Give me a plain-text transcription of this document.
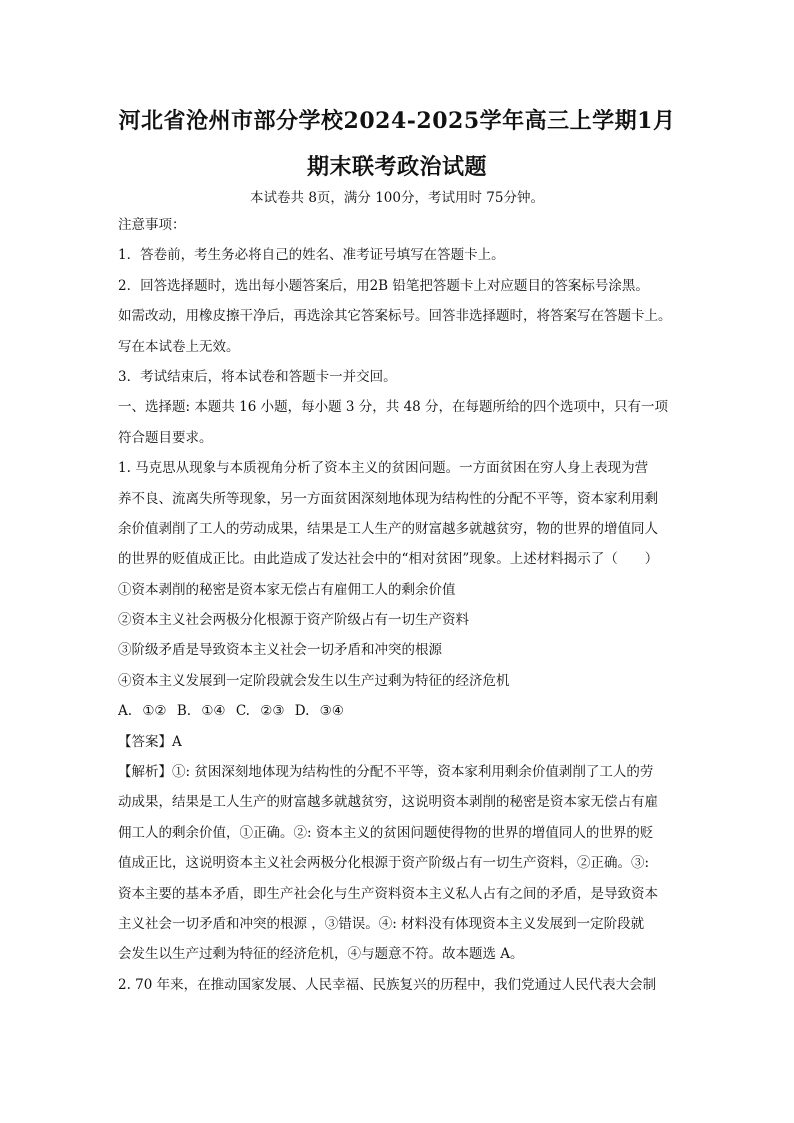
河北省沧州市部分学校2024-2025学年高三上学期1月
期末联考政治试题
本试卷共 8页，满分 100分，考试用时 75分钟。
注意事项：
1．答卷前，考生务必将自己的姓名、准考证号填写在答题卡上。
2．回答选择题时，选出每小题答案后，用2B 铅笔把答题卡上对应题目的答案标号涂黑。
如需改动，用橡皮擦干净后，再选涂其它答案标号。回答非选择题时，将答案写在答题卡上。
写在本试卷上无效。
3．考试结束后，将本试卷和答题卡一并交回。
一、选择题: 本题共 16 小题，每小题 3 分，共 48 分，在每题所给的四个选项中，只有一项
符合题目要求。
1. 马克思从现象与本质视角分析了资本主义的贫困问题。一方面贫困在穷人身上表现为营
养不良、流离失所等现象，另一方面贫困深刻地体现为结构性的分配不平等，资本家利用剩
余价值剥削了工人的劳动成果，结果是工人生产的财富越多就越贫穷，物的世界的增值同人
的世界的贬值成正比。由此造成了发达社会中的“相对贫困”现象。上述材料揭示了（　　）
①资本剥削的秘密是资本家无偿占有雇佣工人的剩余价值
②资本主义社会两极分化根源于资产阶级占有一切生产资料
③阶级矛盾是导致资本主义社会一切矛盾和冲突的根源
④资本主义发展到一定阶段就会发生以生产过剩为特征的经济危机
A. ①② B. ①④ C. ②③ D. ③④
【答案】A
【解析】①: 贫困深刻地体现为结构性的分配不平等，资本家利用剩余价值剥削了工人的劳
动成果，结果是工人生产的财富越多就越贫穷，这说明资本剥削的秘密是资本家无偿占有雇
佣工人的剩余价值，①正确。②: 资本主义的贫困问题使得物的世界的增值同人的世界的贬
值成正比，这说明资本主义社会两极分化根源于资产阶级占有一切生产资料，②正确。③:
资本主要的基本矛盾，即生产社会化与生产资料资本主义私人占有之间的矛盾，是导致资本
主义社会一切矛盾和冲突的根源 ，③错误。④: 材料没有体现资本主义发展到一定阶段就
会发生以生产过剩为特征的经济危机，④与题意不符。故本题选 A。
2. 70 年来，在推动国家发展、人民幸福、民族复兴的历程中，我们党通过人民代表大会制
